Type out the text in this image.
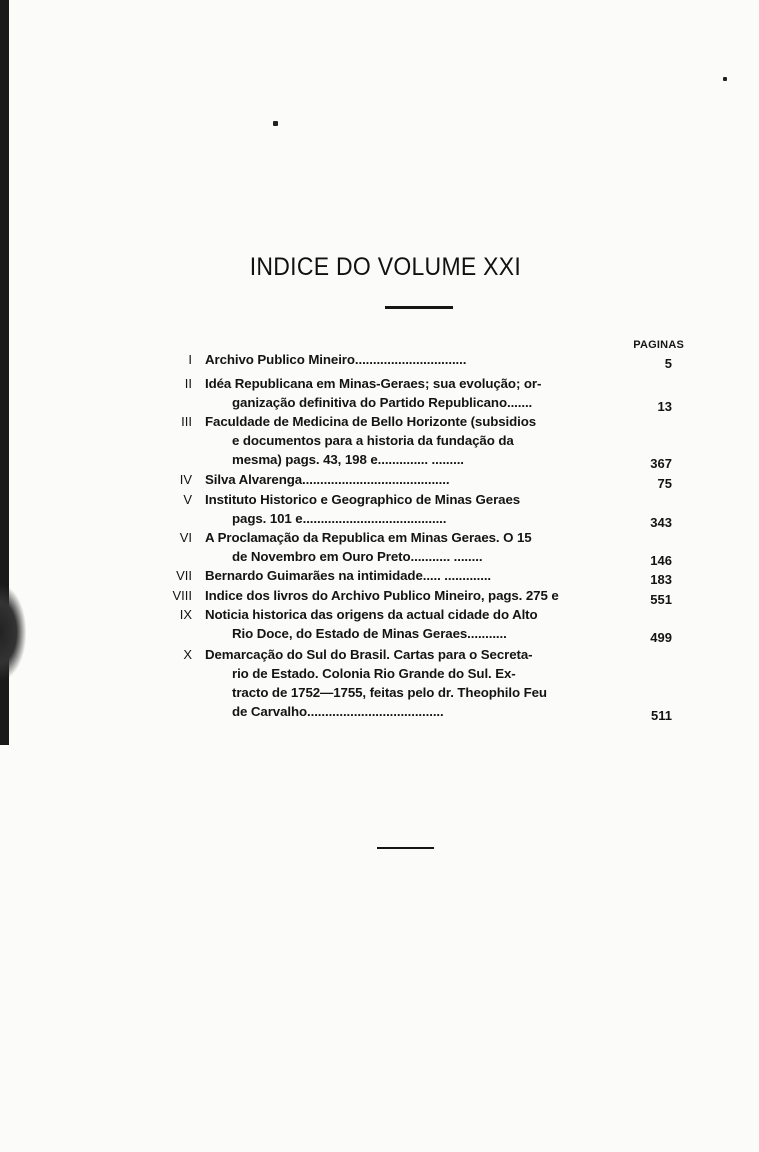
INDICE DO VOLUME XXI
PAGINAS
I Archivo Publico Mineiro...............................	5
II Idéa Republicana em Minas-Geraes; sua evolução; or-
ganização definitiva do Partido Republicano.......	13
III Faculdade de Medicina de Bello Horizonte (subsidios
e documentos para a historia da fundação da
mesma) pags. 43, 198 e.............. .........	367
IV Silva Alvarenga.........................................	75
V Instituto Historico e Geographico de Minas Geraes
pags. 101 e........................................	343
VI A Proclamação da Republica em Minas Geraes. O 15
de Novembro em Ouro Preto........... ........	146
VII Bernardo Guimarães na intimidade..... .............	183
VIII Indice dos livros do Archivo Publico Mineiro, pags. 275 e	551
IX Noticia historica das origens da actual cidade do Alto
Rio Doce, do Estado de Minas Geraes...........	499
X Demarcação do Sul do Brasil. Cartas para o Secreta-
rio de Estado. Colonia Rio Grande do Sul. Ex-
tracto de 1752—1755, feitas pelo dr. Theophilo Feu
de Carvalho......................................	511
